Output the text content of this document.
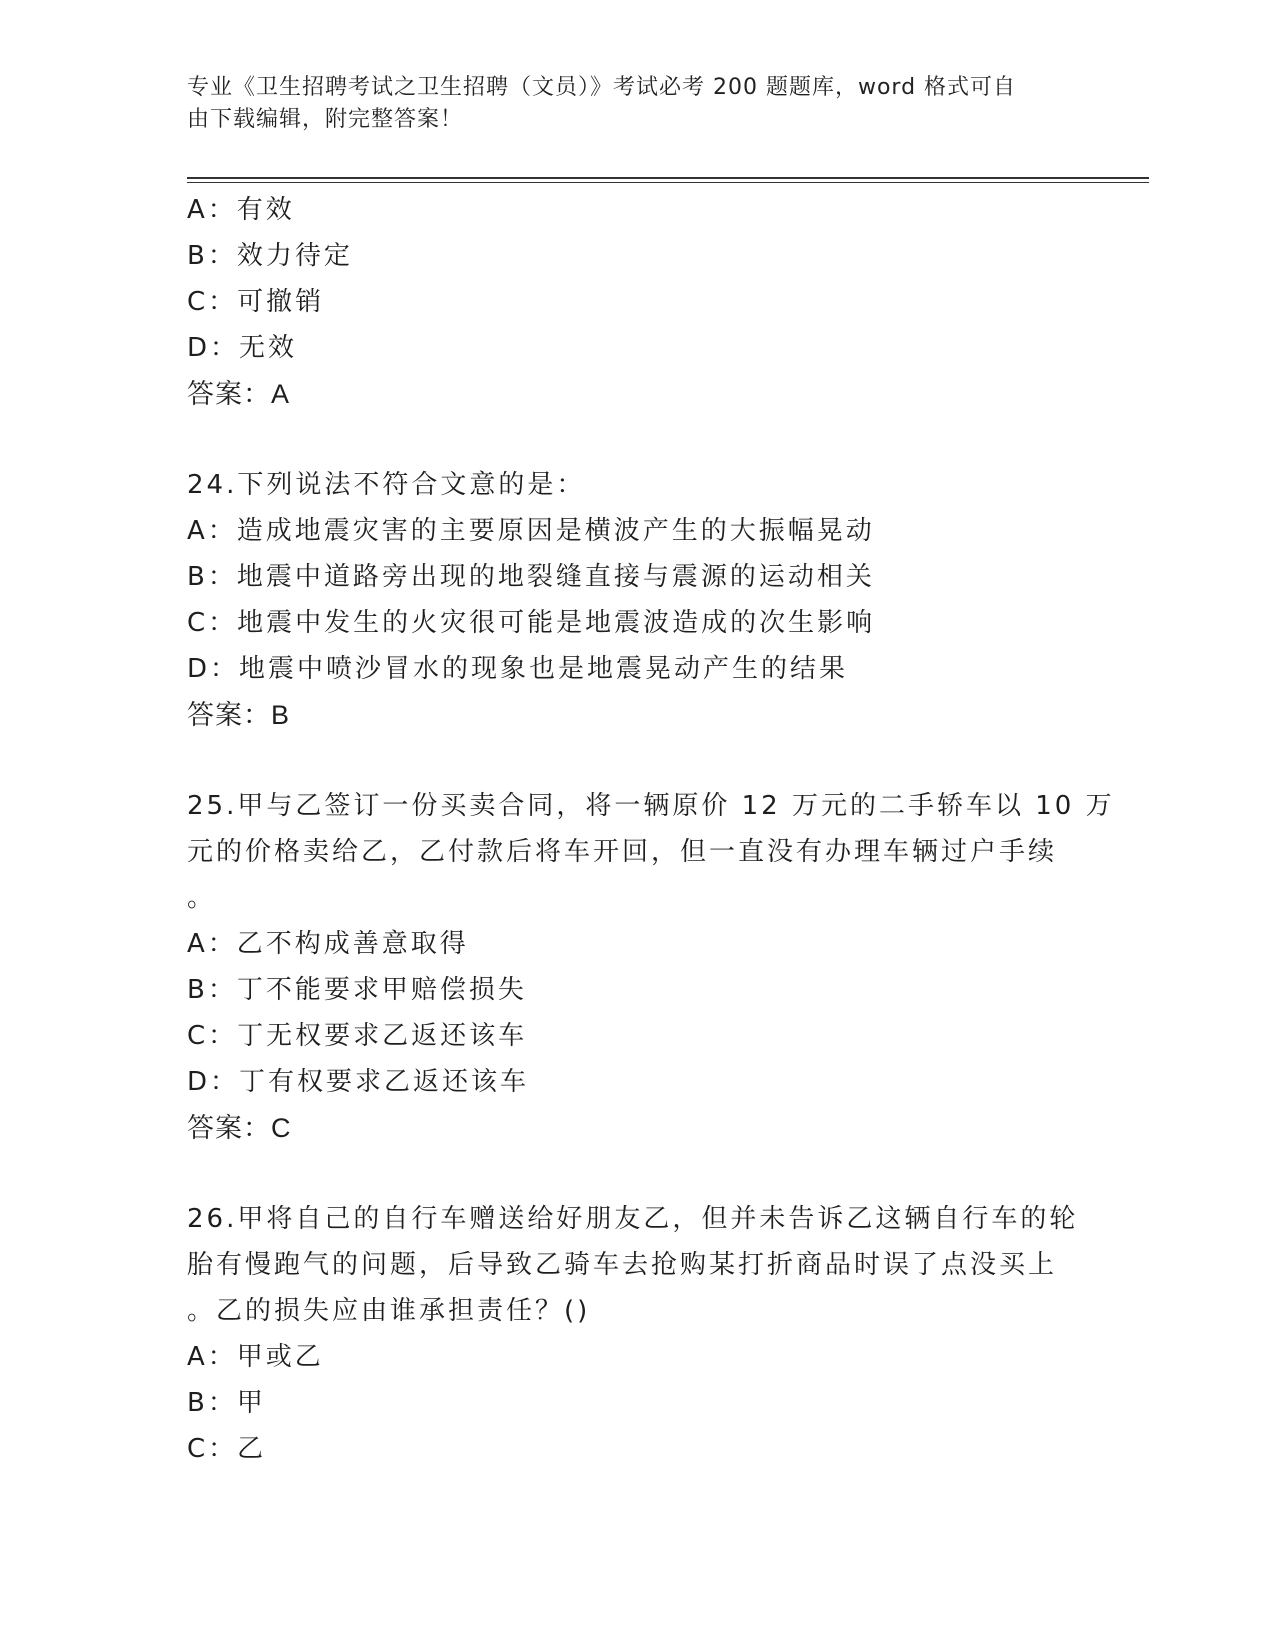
专业《卫生招聘考试之卫生招聘（文员）》考试必考 200 题题库，word 格式可自
由下载编辑，附完整答案！
A：有效
B：效力待定
C：可撤销
D：无效
答案：A
24.下列说法不符合文意的是：
A：造成地震灾害的主要原因是横波产生的大振幅晃动
B：地震中道路旁出现的地裂缝直接与震源的运动相关
C：地震中发生的火灾很可能是地震波造成的次生影响
D：地震中喷沙冒水的现象也是地震晃动产生的结果
答案：B
25.甲与乙签订一份买卖合同，将一辆原价 12 万元的二手轿车以 10 万
元的价格卖给乙，乙付款后将车开回，但一直没有办理车辆过户手续
。
A：乙不构成善意取得
B：丁不能要求甲赔偿损失
C：丁无权要求乙返还该车
D：丁有权要求乙返还该车
答案：C
26.甲将自己的自行车赠送给好朋友乙，但并未告诉乙这辆自行车的轮
胎有慢跑气的问题，后导致乙骑车去抢购某打折商品时误了点没买上
。乙的损失应由谁承担责任？()
A：甲或乙
B：甲
C：乙
